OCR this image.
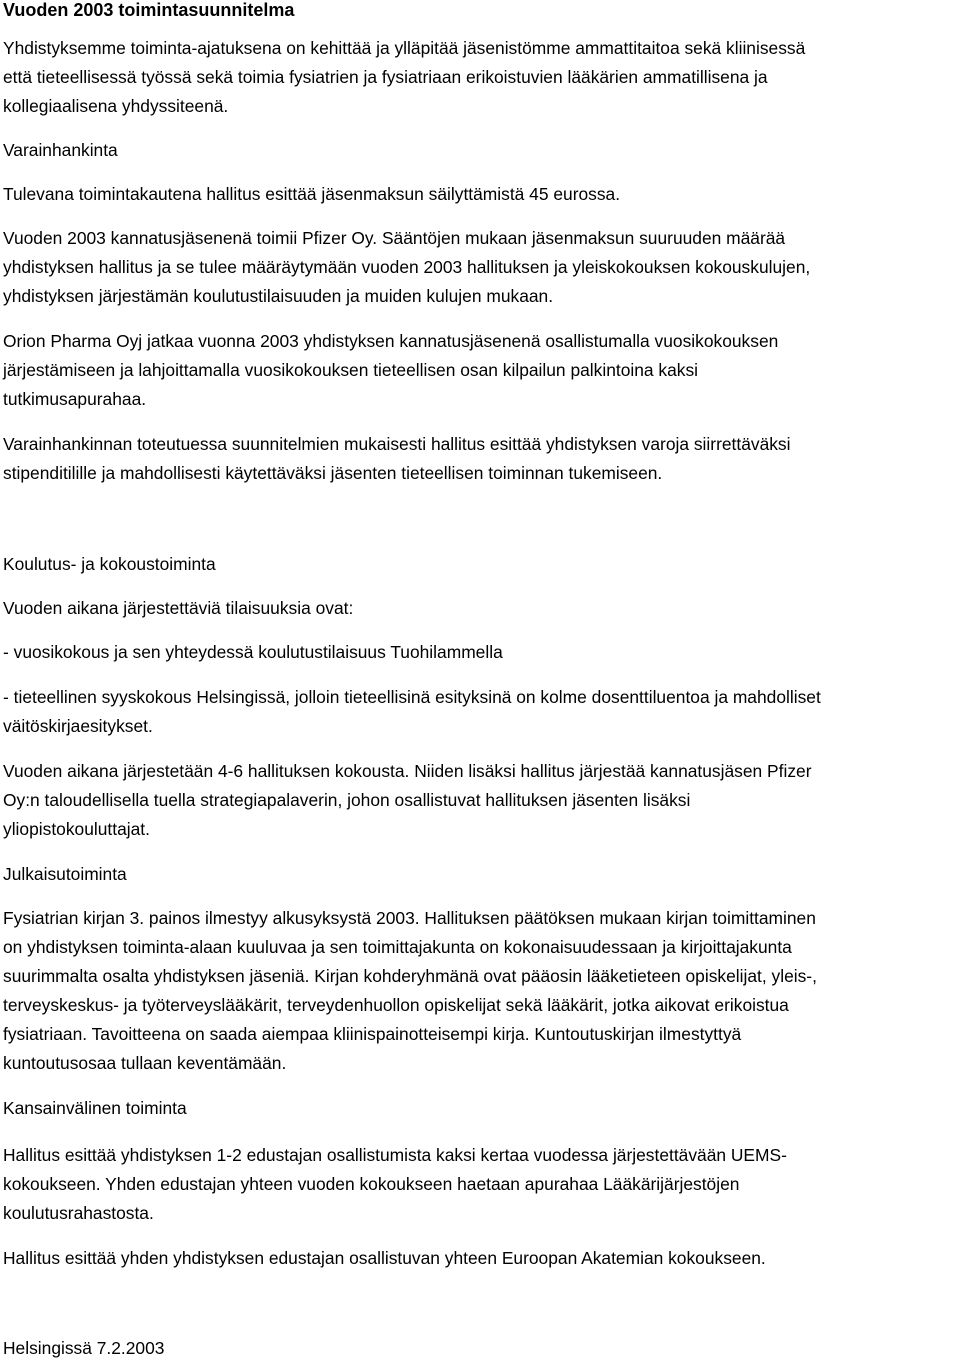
Vuoden 2003 toimintasuunnitelma
Yhdistyksemme toiminta-ajatuksena on kehittää ja ylläpitää jäsenistömme ammattitaitoa sekä kliinisessä
että tieteellisessä työssä sekä toimia fysiatrien ja fysiatriaan erikoistuvien lääkärien ammatillisena ja
kollegiaalisena yhdyssiteenä.
Varainhankinta
Tulevana toimintakautena hallitus esittää jäsenmaksun säilyttämistä 45 eurossa.
Vuoden 2003 kannatusjäsenenä toimii Pfizer Oy. Sääntöjen mukaan jäsenmaksun suuruuden määrää
yhdistyksen hallitus ja se tulee määräytymään vuoden 2003 hallituksen ja yleiskokouksen kokouskulujen,
yhdistyksen järjestämän koulutustilaisuuden ja muiden kulujen mukaan.
Orion Pharma Oyj jatkaa vuonna 2003 yhdistyksen kannatusjäsenenä osallistumalla vuosikokouksen
järjestämiseen ja lahjoittamalla vuosikokouksen tieteellisen osan kilpailun palkintoina kaksi
tutkimusapurahaa.
Varainhankinnan toteutuessa suunnitelmien mukaisesti hallitus esittää yhdistyksen varoja siirrettäväksi
stipenditilille ja mahdollisesti käytettäväksi jäsenten tieteellisen toiminnan tukemiseen.
Koulutus- ja kokoustoiminta
Vuoden aikana järjestettäviä tilaisuuksia ovat:
- vuosikokous ja sen yhteydessä koulutustilaisuus Tuohilammella
- tieteellinen syyskokous Helsingissä, jolloin tieteellisinä esityksinä on kolme dosenttiluentoa ja mahdolliset
väitöskirjaesitykset.
Vuoden aikana järjestetään 4-6 hallituksen kokousta. Niiden lisäksi hallitus järjestää kannatusjäsen Pfizer
Oy:n taloudellisella tuella strategiapalaverin, johon osallistuvat hallituksen jäsenten lisäksi
yliopistokouluttajat.
Julkaisutoiminta
Fysiatrian kirjan 3. painos ilmestyy alkusyksystä 2003. Hallituksen päätöksen mukaan kirjan toimittaminen
on yhdistyksen toiminta-alaan kuuluvaa ja sen toimittajakunta on kokonaisuudessaan ja kirjoittajakunta
suurimmalta osalta yhdistyksen jäseniä. Kirjan kohderyhmänä ovat pääosin lääketieteen opiskelijat, yleis-,
terveyskeskus- ja työterveyslääkärit, terveydenhuollon opiskelijat sekä lääkärit, jotka aikovat erikoistua
fysiatriaan. Tavoitteena on saada aiempaa kliinispainotteisempi kirja. Kuntoutuskirjan ilmestyttyä
kuntoutusosaa tullaan keventämään.
Kansainvälinen toiminta
Hallitus esittää yhdistyksen 1-2 edustajan osallistumista kaksi kertaa vuodessa järjestettävään UEMS-
kokoukseen. Yhden edustajan yhteen vuoden kokoukseen haetaan apurahaa Lääkärijärjestöjen
koulutusrahastosta.
Hallitus esittää yhden yhdistyksen edustajan osallistuvan yhteen Euroopan Akatemian kokoukseen.
Helsingissä 7.2.2003
